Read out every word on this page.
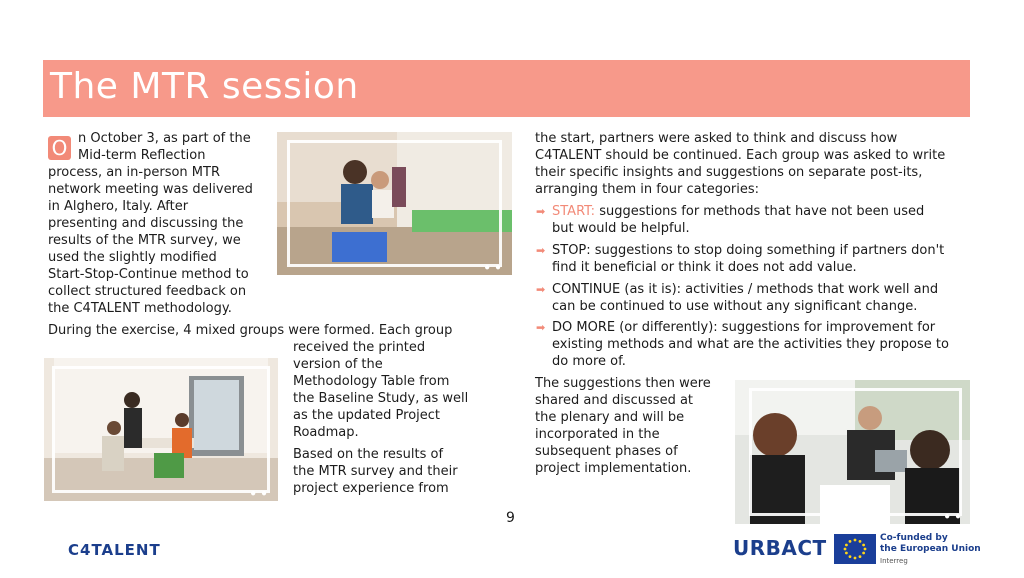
The MTR session
O n October 3, as part of the
Mid-term Reflection
process, an in-person MTR
network meeting was delivered
in Alghero, Italy. After
presenting and discussing the
results of the MTR survey, we
used the slightly modified
Start-Stop-Continue method to
collect structured feedback on
the C4TALENT methodology.
● ●
During the exercise, 4 mixed groups were formed. Each group
● ●
received the printed
version of the
Methodology Table from
the Baseline Study, as well
as the updated Project
Roadmap.
Based on the results of
the MTR survey and their
project experience from
the start, partners were asked to think and discuss how
C4TALENT should be continued. Each group was asked to write
their specific insights and suggestions on separate post-its,
arranging them in four categories:
➡ START: suggestions for methods that have not been used
but would be helpful.
➡ STOP: suggestions to stop doing something if partners don't
find it beneficial or think it does not add value.
➡ CONTINUE (as it is): activities / methods that work well and
can be continued to use without any significant change.
➡ DO MORE (or differently): suggestions for improvement for
existing methods and what are the activities they propose to
do more of.
The suggestions then were
shared and discussed at
the plenary and will be
incorporated in the
subsequent phases of
project implementation.
● ●
9
C4TALENT	URBACT	Co-funded by
the European Union
Interreg
